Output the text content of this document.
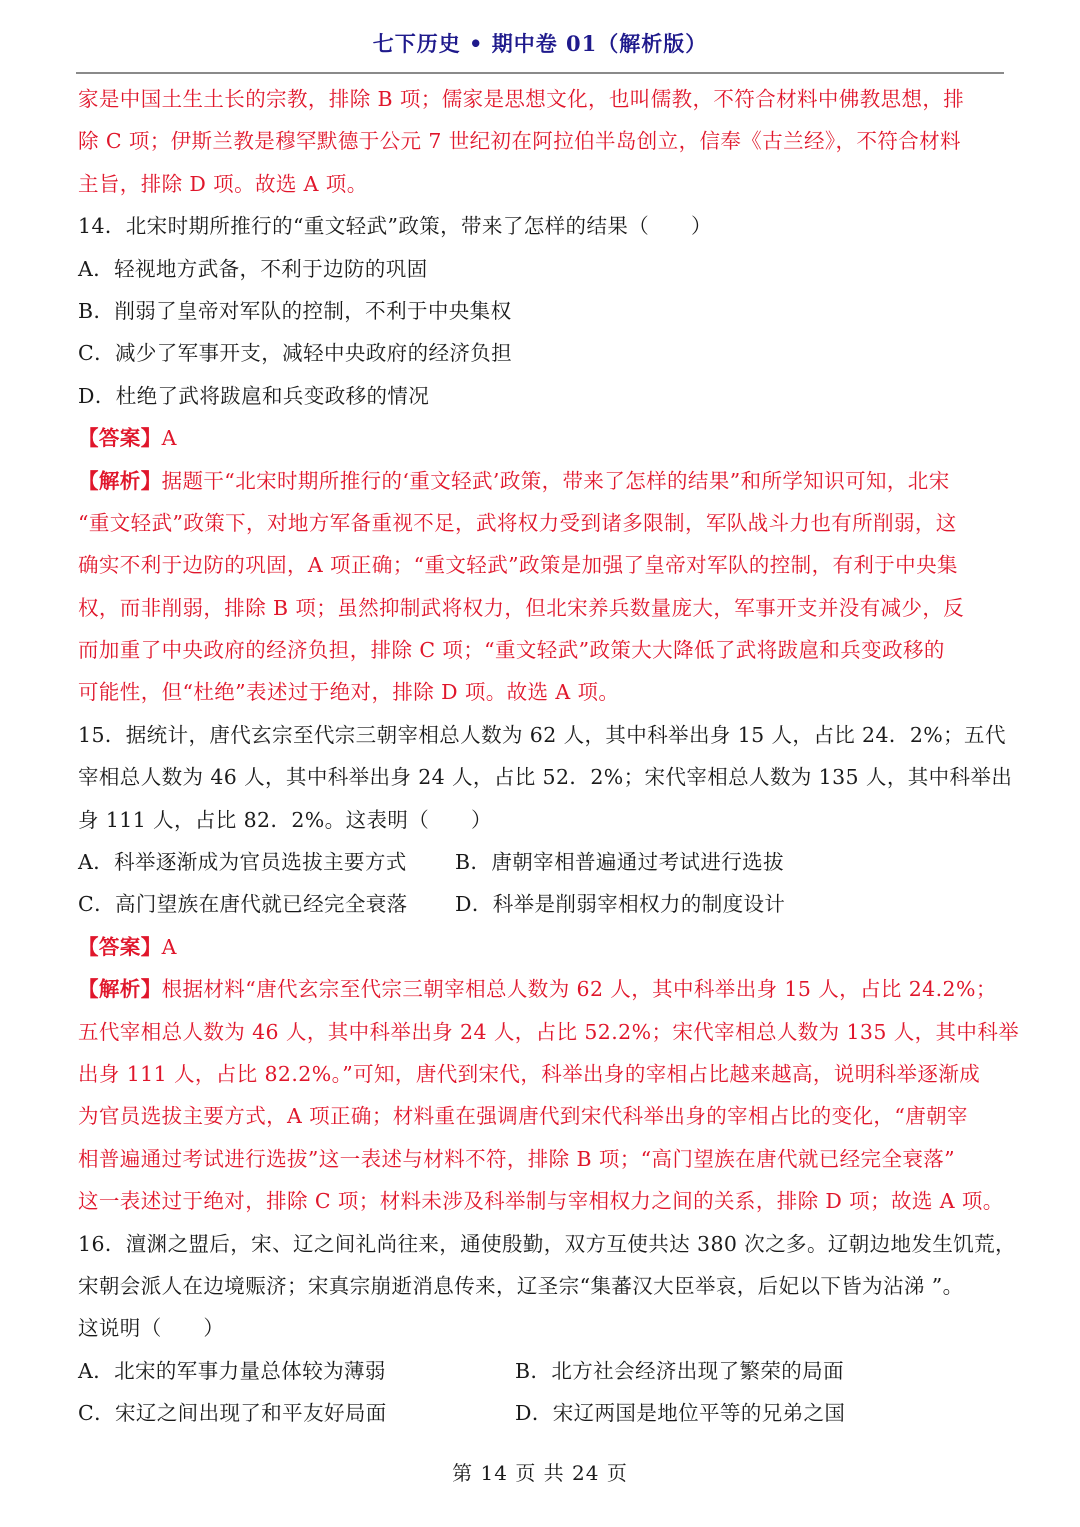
七下历史 • 期中卷 01（解析版）
家是中国土生土长的宗教，排除 B 项；儒家是思想文化，也叫儒教，不符合材料中佛教思想，排
除 C 项；伊斯兰教是穆罕默德于公元 7 世纪初在阿拉伯半岛创立，信奉《古兰经》，不符合材料
主旨，排除 D 项。故选 A 项。
14．北宋时期所推行的“重文轻武”政策，带来了怎样的结果（　　）
A．轻视地方武备，不利于边防的巩固
B．削弱了皇帝对军队的控制，不利于中央集权
C．减少了军事开支，减轻中央政府的经济负担
D．杜绝了武将跋扈和兵变政移的情况
【答案】A
【解析】据题干“北宋时期所推行的‘重文轻武’政策，带来了怎样的结果”和所学知识可知，北宋
“重文轻武”政策下，对地方军备重视不足，武将权力受到诸多限制，军队战斗力也有所削弱，这
确实不利于边防的巩固，A 项正确；“重文轻武”政策是加强了皇帝对军队的控制，有利于中央集
权，而非削弱，排除 B 项；虽然抑制武将权力，但北宋养兵数量庞大，军事开支并没有减少，反
而加重了中央政府的经济负担，排除 C 项；“重文轻武”政策大大降低了武将跋扈和兵变政移的
可能性，但“杜绝”表述过于绝对，排除 D 项。故选 A 项。
15．据统计，唐代玄宗至代宗三朝宰相总人数为 62 人，其中科举出身 15 人，占比 24．2%；五代
宰相总人数为 46 人，其中科举出身 24 人，占比 52．2%；宋代宰相总人数为 135 人，其中科举出
身 111 人，占比 82．2%。这表明（　　）
A．科举逐渐成为官员选拔主要方式	B．唐朝宰相普遍通过考试进行选拔
C．高门望族在唐代就已经完全衰落	D．科举是削弱宰相权力的制度设计
【答案】A
【解析】根据材料“唐代玄宗至代宗三朝宰相总人数为 62 人，其中科举出身 15 人，占比 24.2%；
五代宰相总人数为 46 人，其中科举出身 24 人，占比 52.2%；宋代宰相总人数为 135 人，其中科举
出身 111 人，占比 82.2%。”可知，唐代到宋代，科举出身的宰相占比越来越高，说明科举逐渐成
为官员选拔主要方式，A 项正确；材料重在强调唐代到宋代科举出身的宰相占比的变化，“唐朝宰
相普遍通过考试进行选拔”这一表述与材料不符，排除 B 项；“高门望族在唐代就已经完全衰落”
这一表述过于绝对，排除 C 项；材料未涉及科举制与宰相权力之间的关系，排除 D 项；故选 A 项。
16．澶渊之盟后，宋、辽之间礼尚往来，通使殷勤，双方互使共达 380 次之多。辽朝边地发生饥荒，
宋朝会派人在边境赈济；宋真宗崩逝消息传来，辽圣宗“集蕃汉大臣举哀，后妃以下皆为沾涕 ”。
这说明（　　）
A．北宋的军事力量总体较为薄弱	B．北方社会经济出现了繁荣的局面
C．宋辽之间出现了和平友好局面	D．宋辽两国是地位平等的兄弟之国
第 14 页 共 24 页
